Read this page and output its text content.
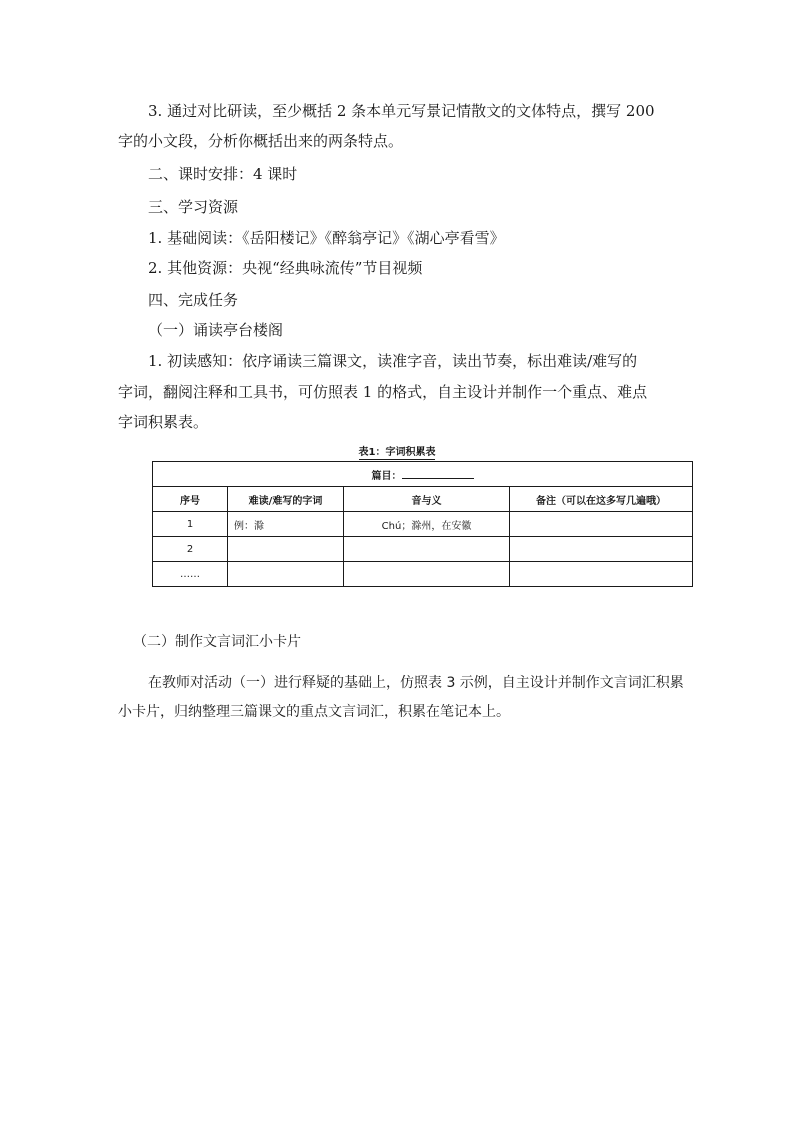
3. 通过对比研读，至少概括 2 条本单元写景记情散文的文体特点，撰写 200
字的小文段，分析你概括出来的两条特点。
二、课时安排：4 课时
三、学习资源
1. 基础阅读：《岳阳楼记》《醉翁亭记》《湖心亭看雪》
2. 其他资源：央视“经典咏流传”节目视频
四、完成任务
（一）诵读亭台楼阁
1. 初读感知：依序诵读三篇课文，读准字音，读出节奏，标出难读/难写的
字词，翻阅注释和工具书，可仿照表 1 的格式，自主设计并制作一个重点、难点
字词积累表。
表1：字词积累表
篇目：			
序号	难读/难写的字词	音与义	备注（可以在这多写几遍哦）
1	例：滁	Chú；滁州，在安徽	
2			
……			
（二）制作文言词汇小卡片
在教师对活动（一）进行释疑的基础上，仿照表 3 示例，自主设计并制作文言词汇积累
小卡片，归纳整理三篇课文的重点文言词汇，积累在笔记本上。
